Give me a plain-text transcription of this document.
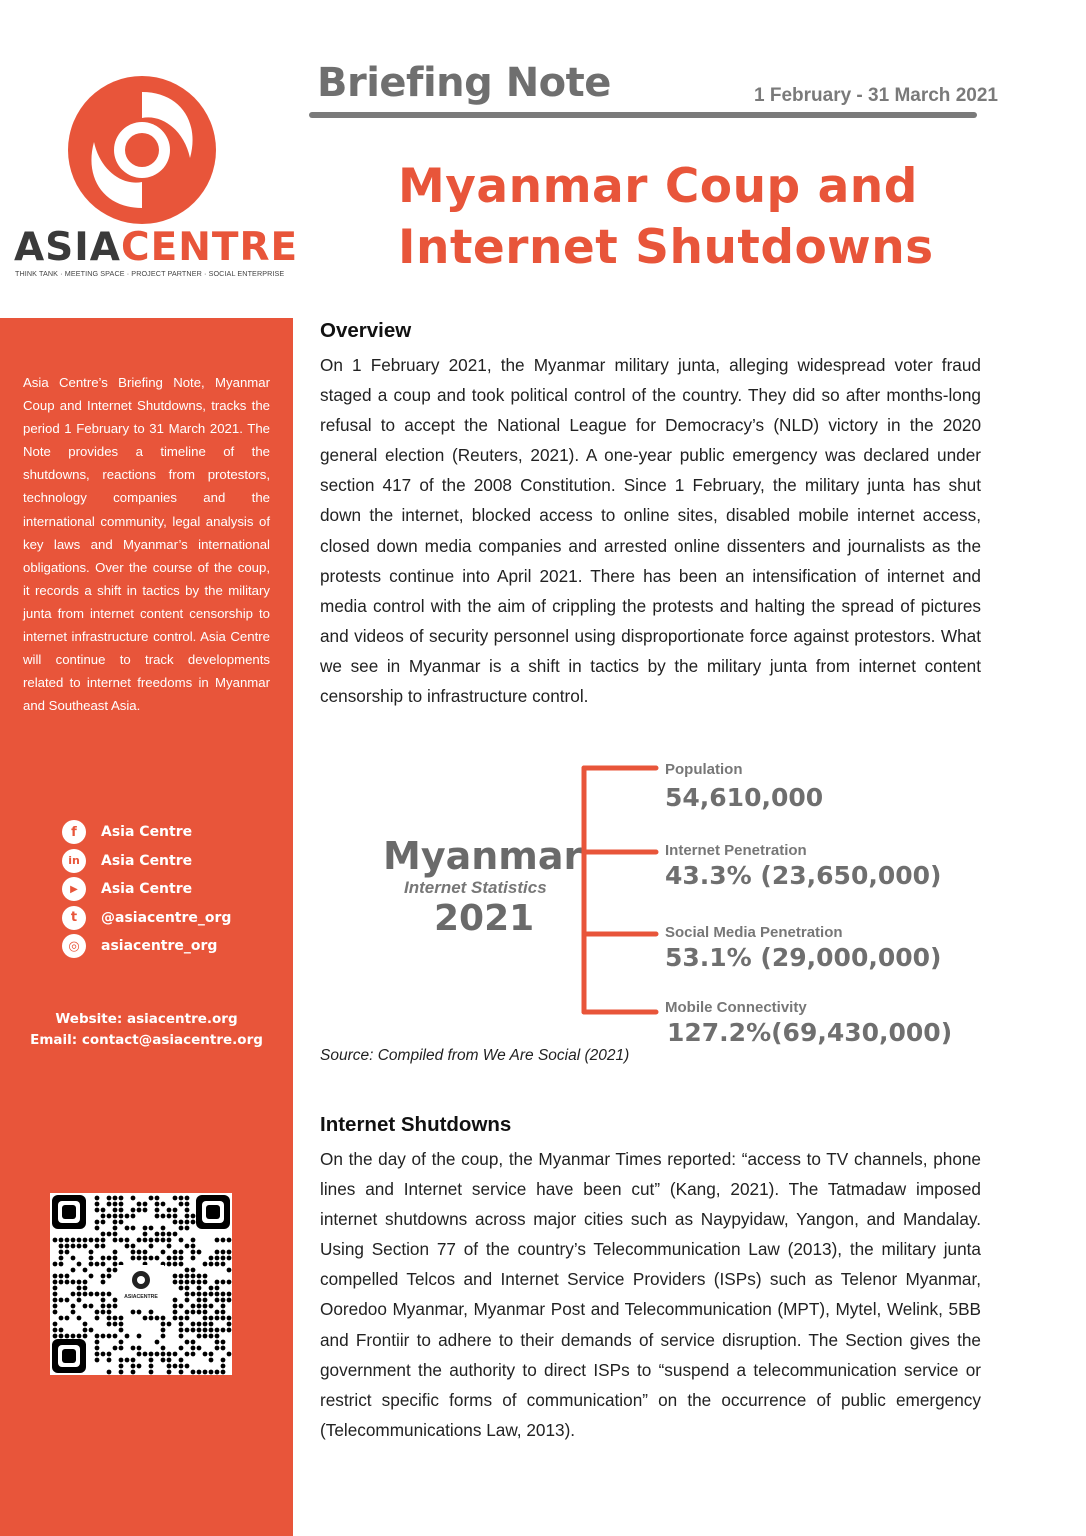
ASIACENTRE
THINK TANK · MEETING SPACE · PROJECT PARTNER · SOCIAL ENTERPRISE
Asia Centre’s Briefing Note, Myanmar Coup and Internet Shutdowns, tracks the period 1 February to 31 March 2021. The Note provides a timeline of the shutdowns, reactions from protestors, technology companies and the international community, legal analysis of key laws and Myanmar’s international obligations. Over the course of the coup, it records a shift in tactics by the military junta from internet content censorship to internet infrastructure control. Asia Centre will continue to track developments related to internet freedoms in Myanmar and Southeast Asia.
f	Asia Centre
in	Asia Centre
▶	Asia Centre
t	@asiacentre_org
◎	asiacentre_org
Website: asiacentre.org
Email: contact@asiacentre.org
ASIACENTRE
Briefing Note	1 February - 31 March 2021
Myanmar Coup and
Internet Shutdowns
Overview
On 1 February 2021, the Myanmar military junta, alleging widespread voter fraud staged a coup and took political control of the country. They did so after months-long refusal to accept the National League for Democracy’s (NLD) victory in the 2020 general election (Reuters, 2021). A one-year public emergency was declared under section 417 of the 2008 Constitution. Since 1 February, the military junta has shut down the internet, blocked access to online sites, disabled mobile internet access, closed down media companies and arrested online dissenters and journalists as the protests continue into April 2021. There has been an intensification of internet and media control with the aim of crippling the protests and halting the spread of pictures and videos of security personnel using disproportionate force against protestors. What we see in Myanmar is a shift in tactics by the military junta from internet content censorship to infrastructure control.
Myanmar
Internet Statistics
2021
Population
54,610,000
Internet Penetration
43.3% (23,650,000)
Social Media Penetration
53.1% (29,000,000)
Mobile Connectivity
127.2%(69,430,000)
Source: Compiled from We Are Social (2021)
Internet Shutdowns
On the day of the coup, the Myanmar Times reported: “access to TV channels, phone lines and Internet service have been cut” (Kang, 2021). The Tatmadaw imposed internet shutdowns across major cities such as Naypyidaw, Yangon, and Mandalay. Using Section 77 of the country’s Telecommunication Law (2013), the military junta compelled Telcos and Internet Service Providers (ISPs) such as Telenor Myanmar, Ooredoo Myanmar, Myanmar Post and Telecommunication (MPT), Mytel, Welink, 5BB and Frontiir to adhere to their demands of service disruption. The Section gives the government the authority to direct ISPs to “suspend a telecommunication service or restrict specific forms of communication” on the occurrence of public emergency (Telecommunications Law, 2013).
